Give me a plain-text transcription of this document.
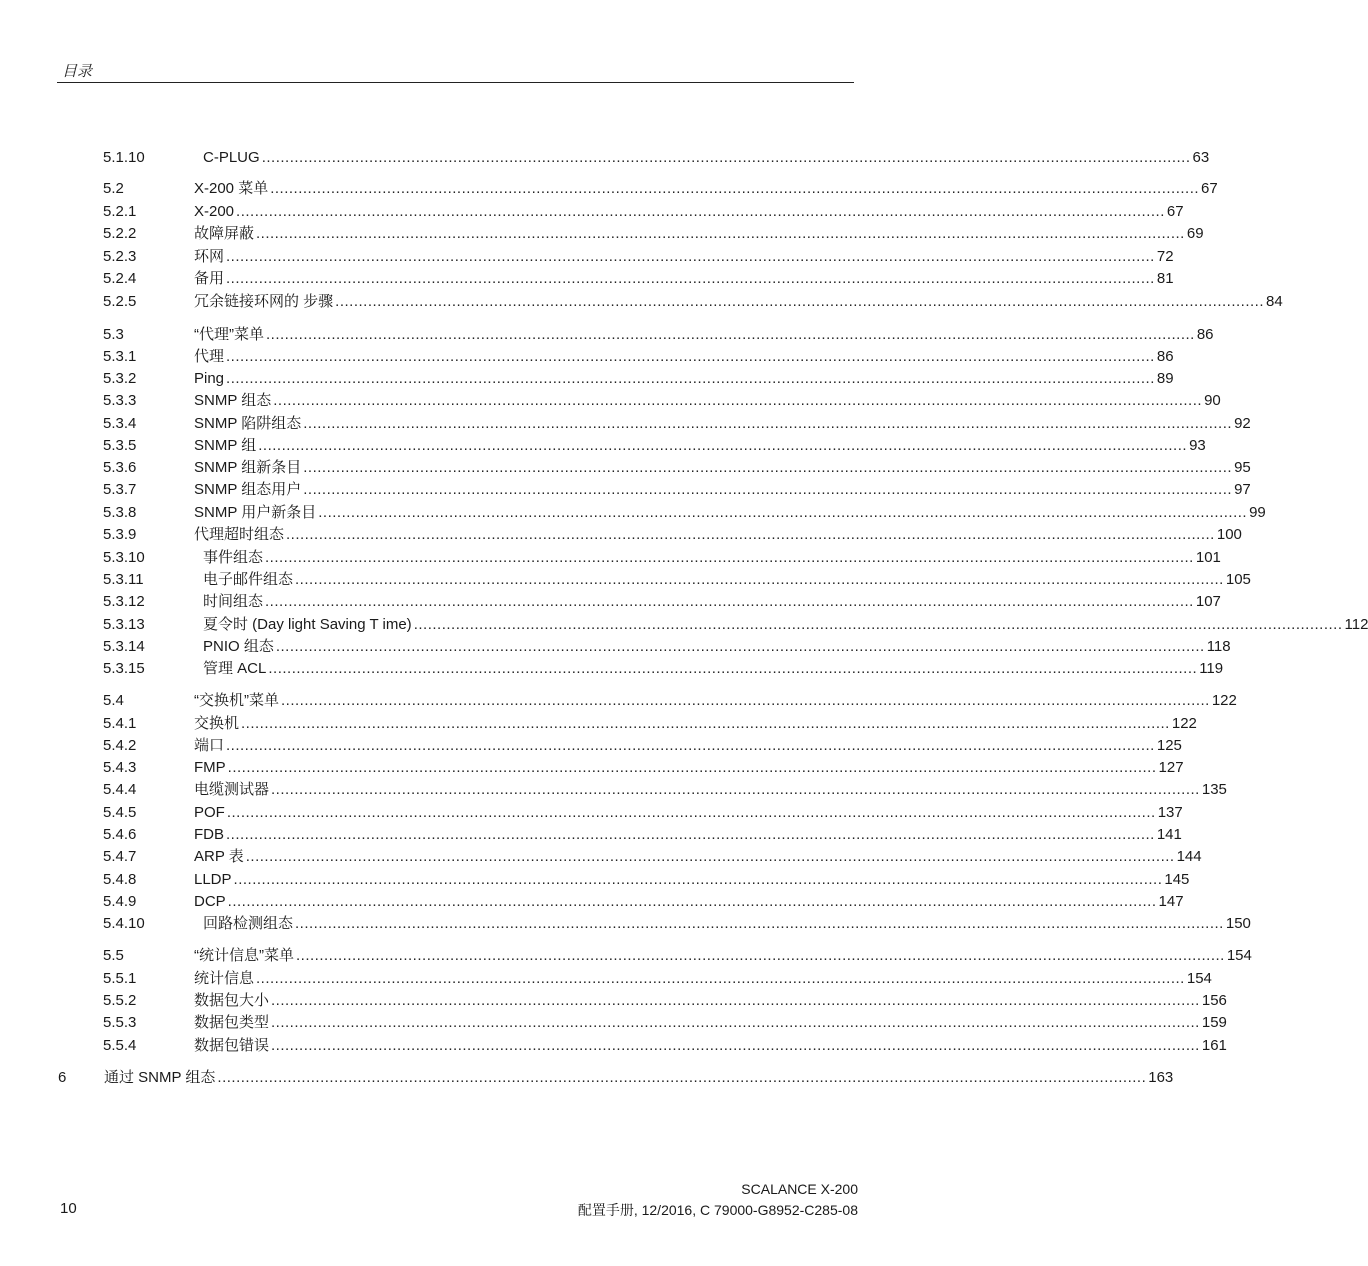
目录
5.1.10	C-PLUG ....................................................................................................................................................................................................... 63
5.2	X-200 菜单 ....................................................................................................................................................................................................... 67
5.2.1	X-200 ....................................................................................................................................................................................................... 67
5.2.2	故障屏蔽 ....................................................................................................................................................................................................... 69
5.2.3	环网 ....................................................................................................................................................................................................... 72
5.2.4	备用 ....................................................................................................................................................................................................... 81
5.2.5	冗余链接环网的 步骤 ....................................................................................................................................................................................................... 84
5.3	“代理”菜单 ....................................................................................................................................................................................................... 86
5.3.1	代理 ....................................................................................................................................................................................................... 86
5.3.2	Ping ....................................................................................................................................................................................................... 89
5.3.3	SNMP 组态 ....................................................................................................................................................................................................... 90
5.3.4	SNMP 陷阱组态 ....................................................................................................................................................................................................... 92
5.3.5	SNMP 组 ....................................................................................................................................................................................................... 93
5.3.6	SNMP 组新条目 ....................................................................................................................................................................................................... 95
5.3.7	SNMP 组态用户 ....................................................................................................................................................................................................... 97
5.3.8	SNMP 用户新条目 ....................................................................................................................................................................................................... 99
5.3.9	代理超时组态 ....................................................................................................................................................................................................... 100
5.3.10	事件组态 ....................................................................................................................................................................................................... 101
5.3.11	电子邮件组态 ....................................................................................................................................................................................................... 105
5.3.12	时间组态 ....................................................................................................................................................................................................... 107
5.3.13	夏令时 (Day light Saving T ime) ....................................................................................................................................................................................................... 112
5.3.14	PNIO 组态 ....................................................................................................................................................................................................... 118
5.3.15	管理 ACL ....................................................................................................................................................................................................... 119
5.4	“交换机”菜单 ....................................................................................................................................................................................................... 122
5.4.1	交换机 ....................................................................................................................................................................................................... 122
5.4.2	端口 ....................................................................................................................................................................................................... 125
5.4.3	FMP ....................................................................................................................................................................................................... 127
5.4.4	电缆测试器 ....................................................................................................................................................................................................... 135
5.4.5	POF ....................................................................................................................................................................................................... 137
5.4.6	FDB ....................................................................................................................................................................................................... 141
5.4.7	ARP 表 ....................................................................................................................................................................................................... 144
5.4.8	LLDP ....................................................................................................................................................................................................... 145
5.4.9	DCP ....................................................................................................................................................................................................... 147
5.4.10	回路检测组态 ....................................................................................................................................................................................................... 150
5.5	“统计信息”菜单 ....................................................................................................................................................................................................... 154
5.5.1	统计信息 ....................................................................................................................................................................................................... 154
5.5.2	数据包大小 ....................................................................................................................................................................................................... 156
5.5.3	数据包类型 ....................................................................................................................................................................................................... 159
5.5.4	数据包错误 ....................................................................................................................................................................................................... 161
6	通过 SNMP 组态 ....................................................................................................................................................................................................... 163
10
SCALANCE X-200
配置手册, 12/2016, C 79000-G8952-C285-08
